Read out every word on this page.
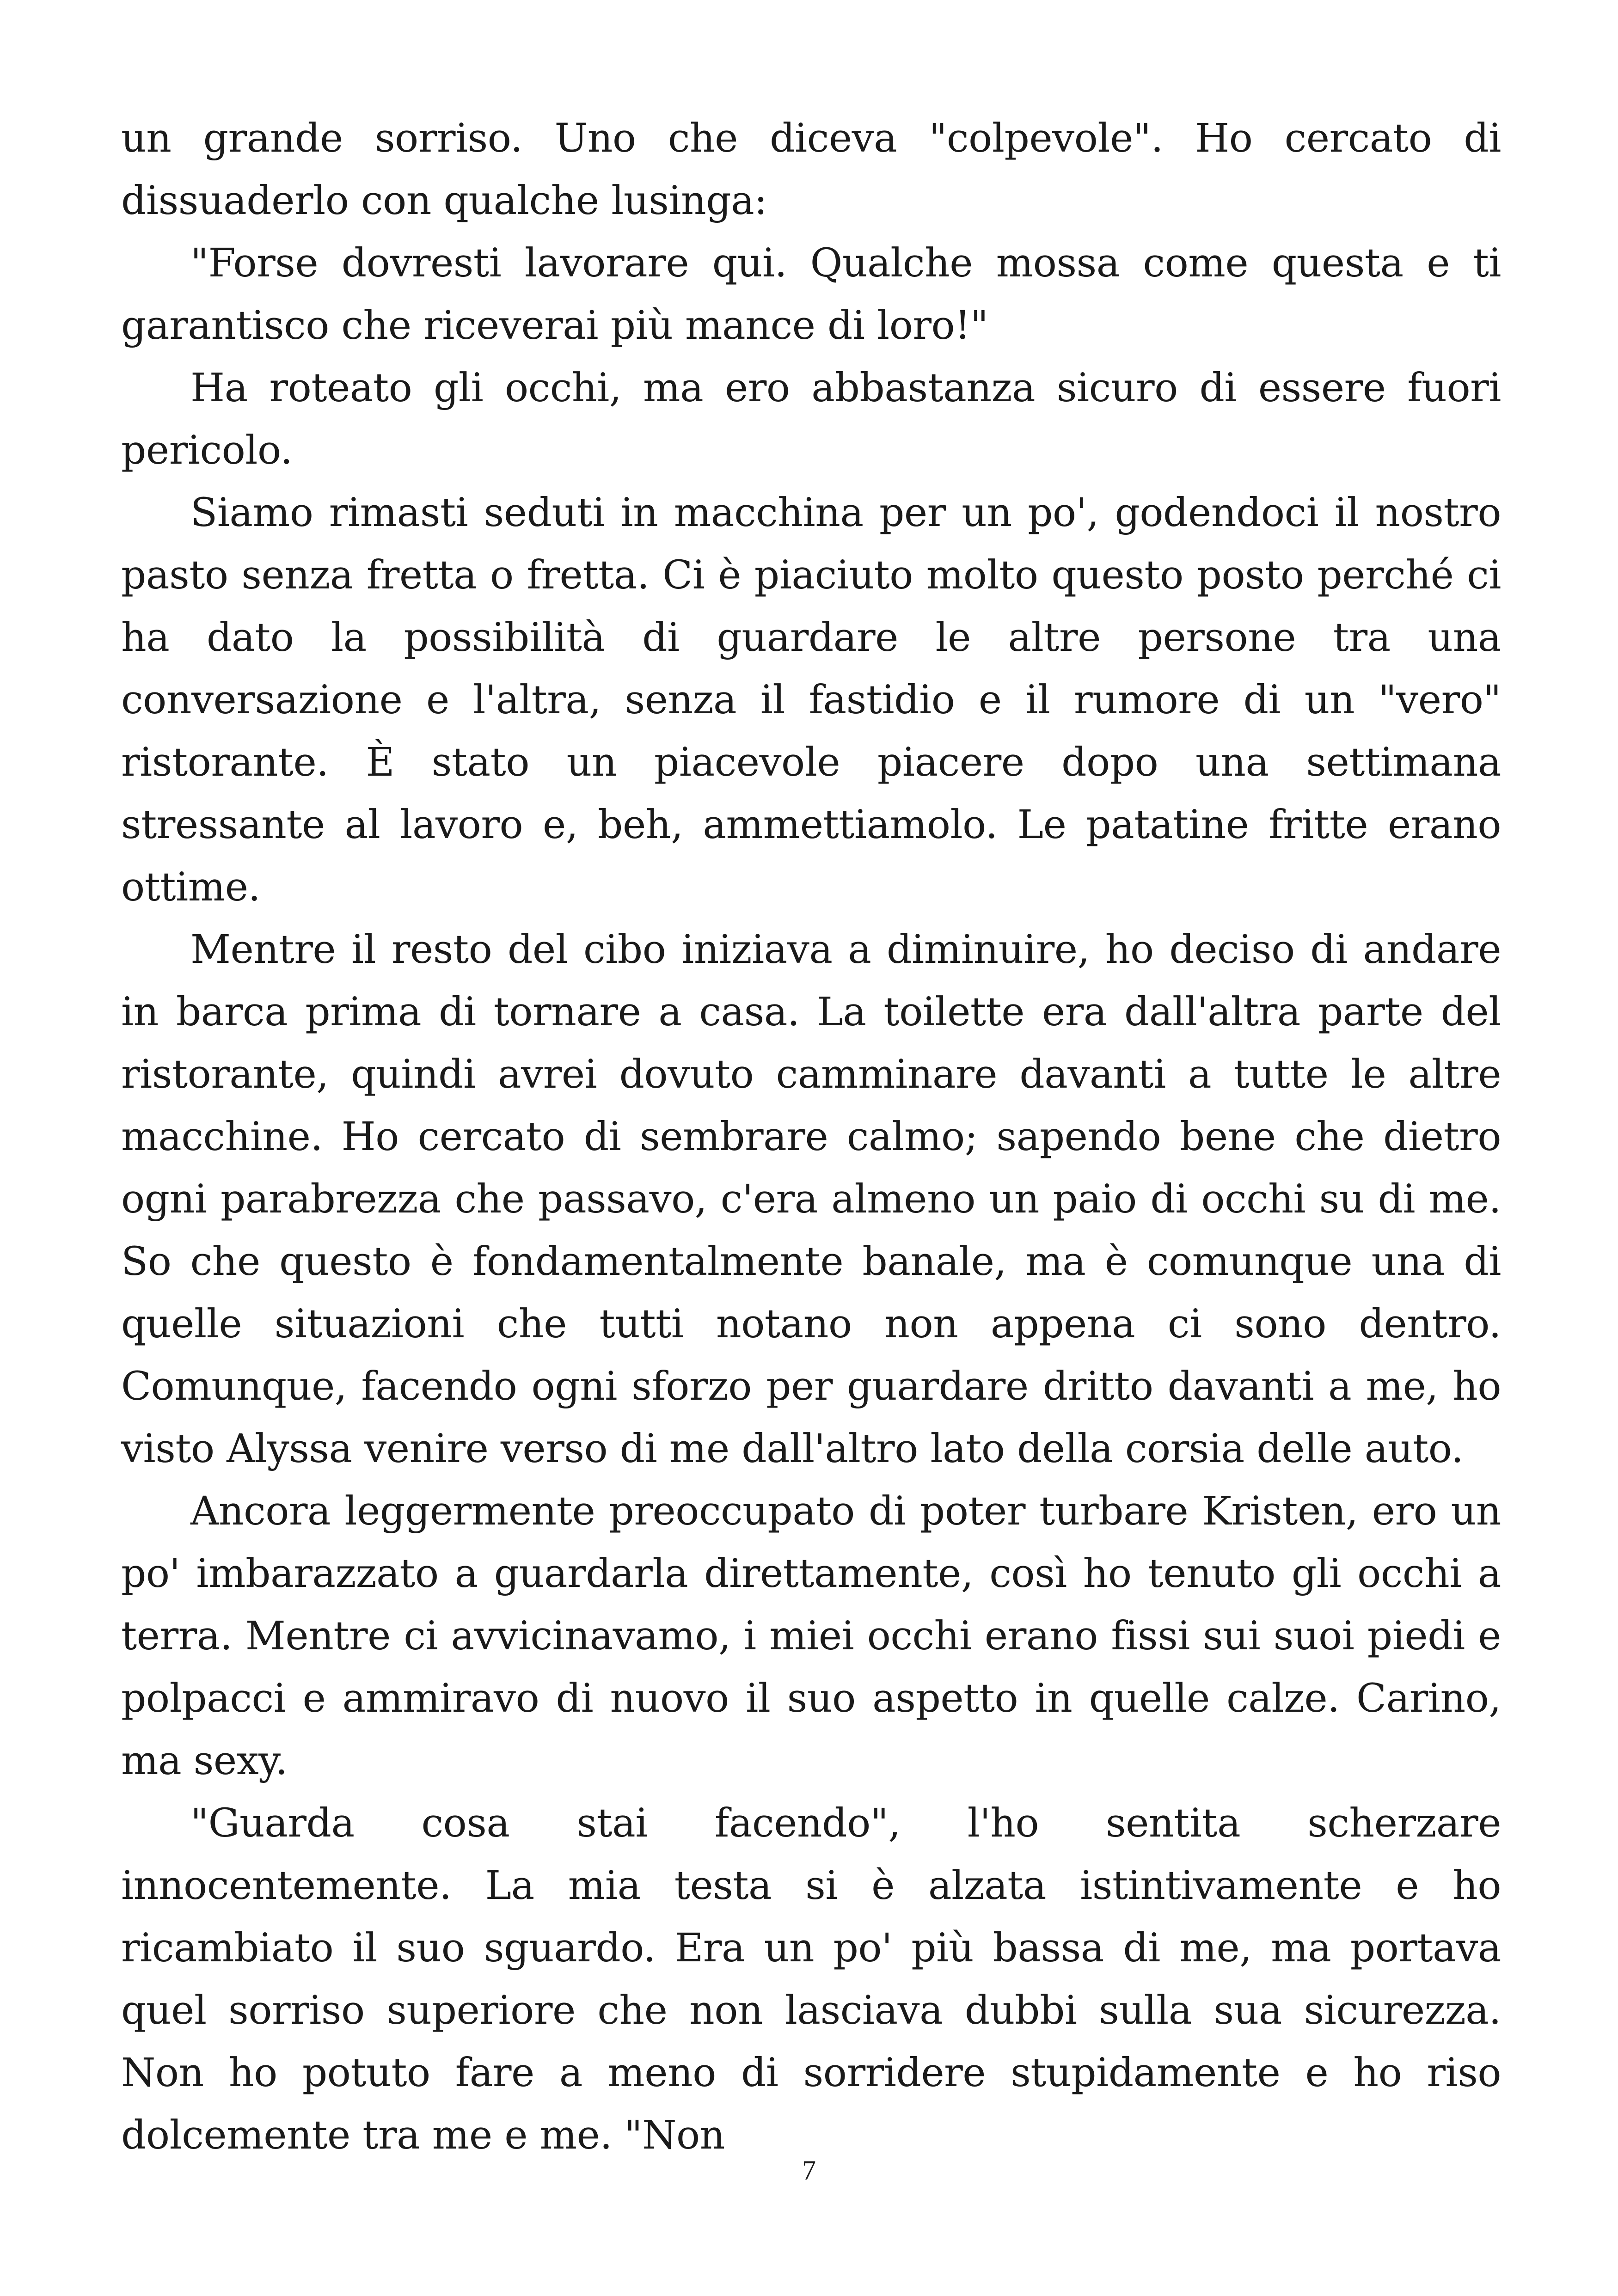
un grande sorriso. Uno che diceva "colpevole". Ho cercato di dissuaderlo con qualche lusinga:

"Forse dovresti lavorare qui. Qualche mossa come questa e ti garantisco che riceverai più mance di loro!"

Ha roteato gli occhi, ma ero abbastanza sicuro di essere fuori pericolo.

Siamo rimasti seduti in macchina per un po', godendoci il nostro pasto senza fretta o fretta. Ci è piaciuto molto questo posto perché ci ha dato la possibilità di guardare le altre persone tra una conversazione e l'altra, senza il fastidio e il rumore di un "vero" ristorante. È stato un piacevole piacere dopo una settimana stressante al lavoro e, beh, ammettiamolo. Le patatine fritte erano ottime.

Mentre il resto del cibo iniziava a diminuire, ho deciso di andare in barca prima di tornare a casa. La toilette era dall'altra parte del ristorante, quindi avrei dovuto camminare davanti a tutte le altre macchine. Ho cercato di sembrare calmo; sapendo bene che dietro ogni parabrezza che passavo, c'era almeno un paio di occhi su di me. So che questo è fondamentalmente banale, ma è comunque una di quelle situazioni che tutti notano non appena ci sono dentro. Comunque, facendo ogni sforzo per guardare dritto davanti a me, ho visto Alyssa venire verso di me dall'altro lato della corsia delle auto.

Ancora leggermente preoccupato di poter turbare Kristen, ero un po' imbarazzato a guardarla direttamente, così ho tenuto gli occhi a terra. Mentre ci avvicinavamo, i miei occhi erano fissi sui suoi piedi e polpacci e ammiravo di nuovo il suo aspetto in quelle calze. Carino, ma sexy.

"Guarda cosa stai facendo", l'ho sentita scherzare innocentemente. La mia testa si è alzata istintivamente e ho ricambiato il suo sguardo. Era un po' più bassa di me, ma portava quel sorriso superiore che non lasciava dubbi sulla sua sicurezza. Non ho potuto fare a meno di sorridere stupidamente e ho riso dolcemente tra me e me. "Non

7
